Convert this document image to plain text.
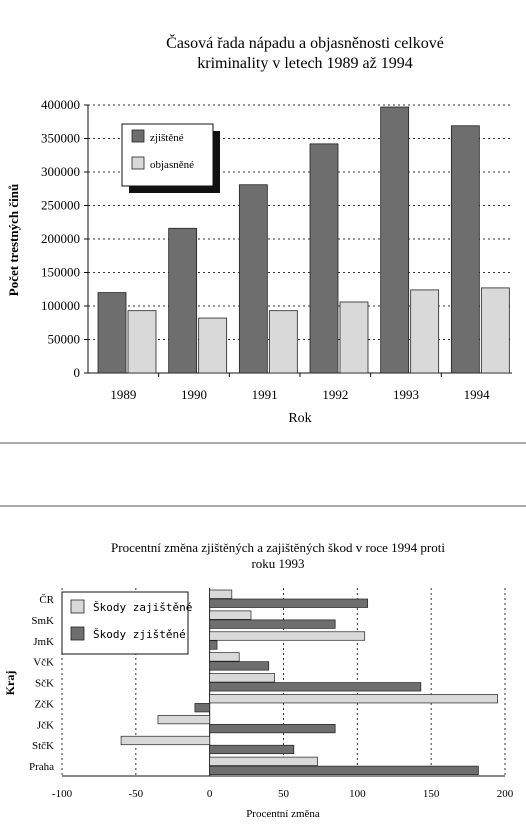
Časová řada nápadu a objasněnosti celkové
kriminality v letech 1989 až 1994
0
50000
100000
150000
200000
250000
300000
350000
400000
1989	1990	1991	1992	1993	1994
Počet trestných činů
Rok
zjištěné
objasněné
Procentní změna zjištěných a zajištěných škod v roce 1994 proti
roku 1993
ČR
SmK
JmK
VčK
SčK
ZčK
JčK
StčK
Praha
-100	-50	0	50	100	150	200
Kraj
Procentní změna
Škody zajištěné
Škody zjištěné
